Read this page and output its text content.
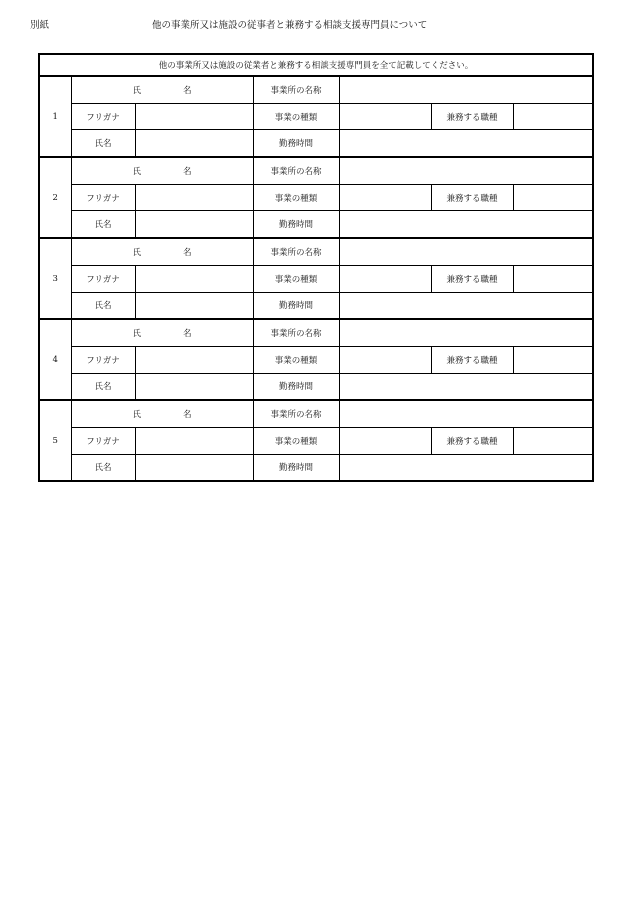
別紙	他の事業所又は施設の従事者と兼務する相談支援専門員について
他の事業所又は施設の従業者と兼務する相談支援専門員を全て記載してください。						
1	氏 名		事業所の名称			
	フリガナ		事業の種類		兼務する職種	
	氏名		勤務時間			
2	氏 名		事業所の名称			
	フリガナ		事業の種類		兼務する職種	
	氏名		勤務時間			
3	氏 名		事業所の名称			
	フリガナ		事業の種類		兼務する職種	
	氏名		勤務時間			
4	氏 名		事業所の名称			
	フリガナ		事業の種類		兼務する職種	
	氏名		勤務時間			
5	氏 名		事業所の名称			
	フリガナ		事業の種類		兼務する職種	
	氏名		勤務時間			
